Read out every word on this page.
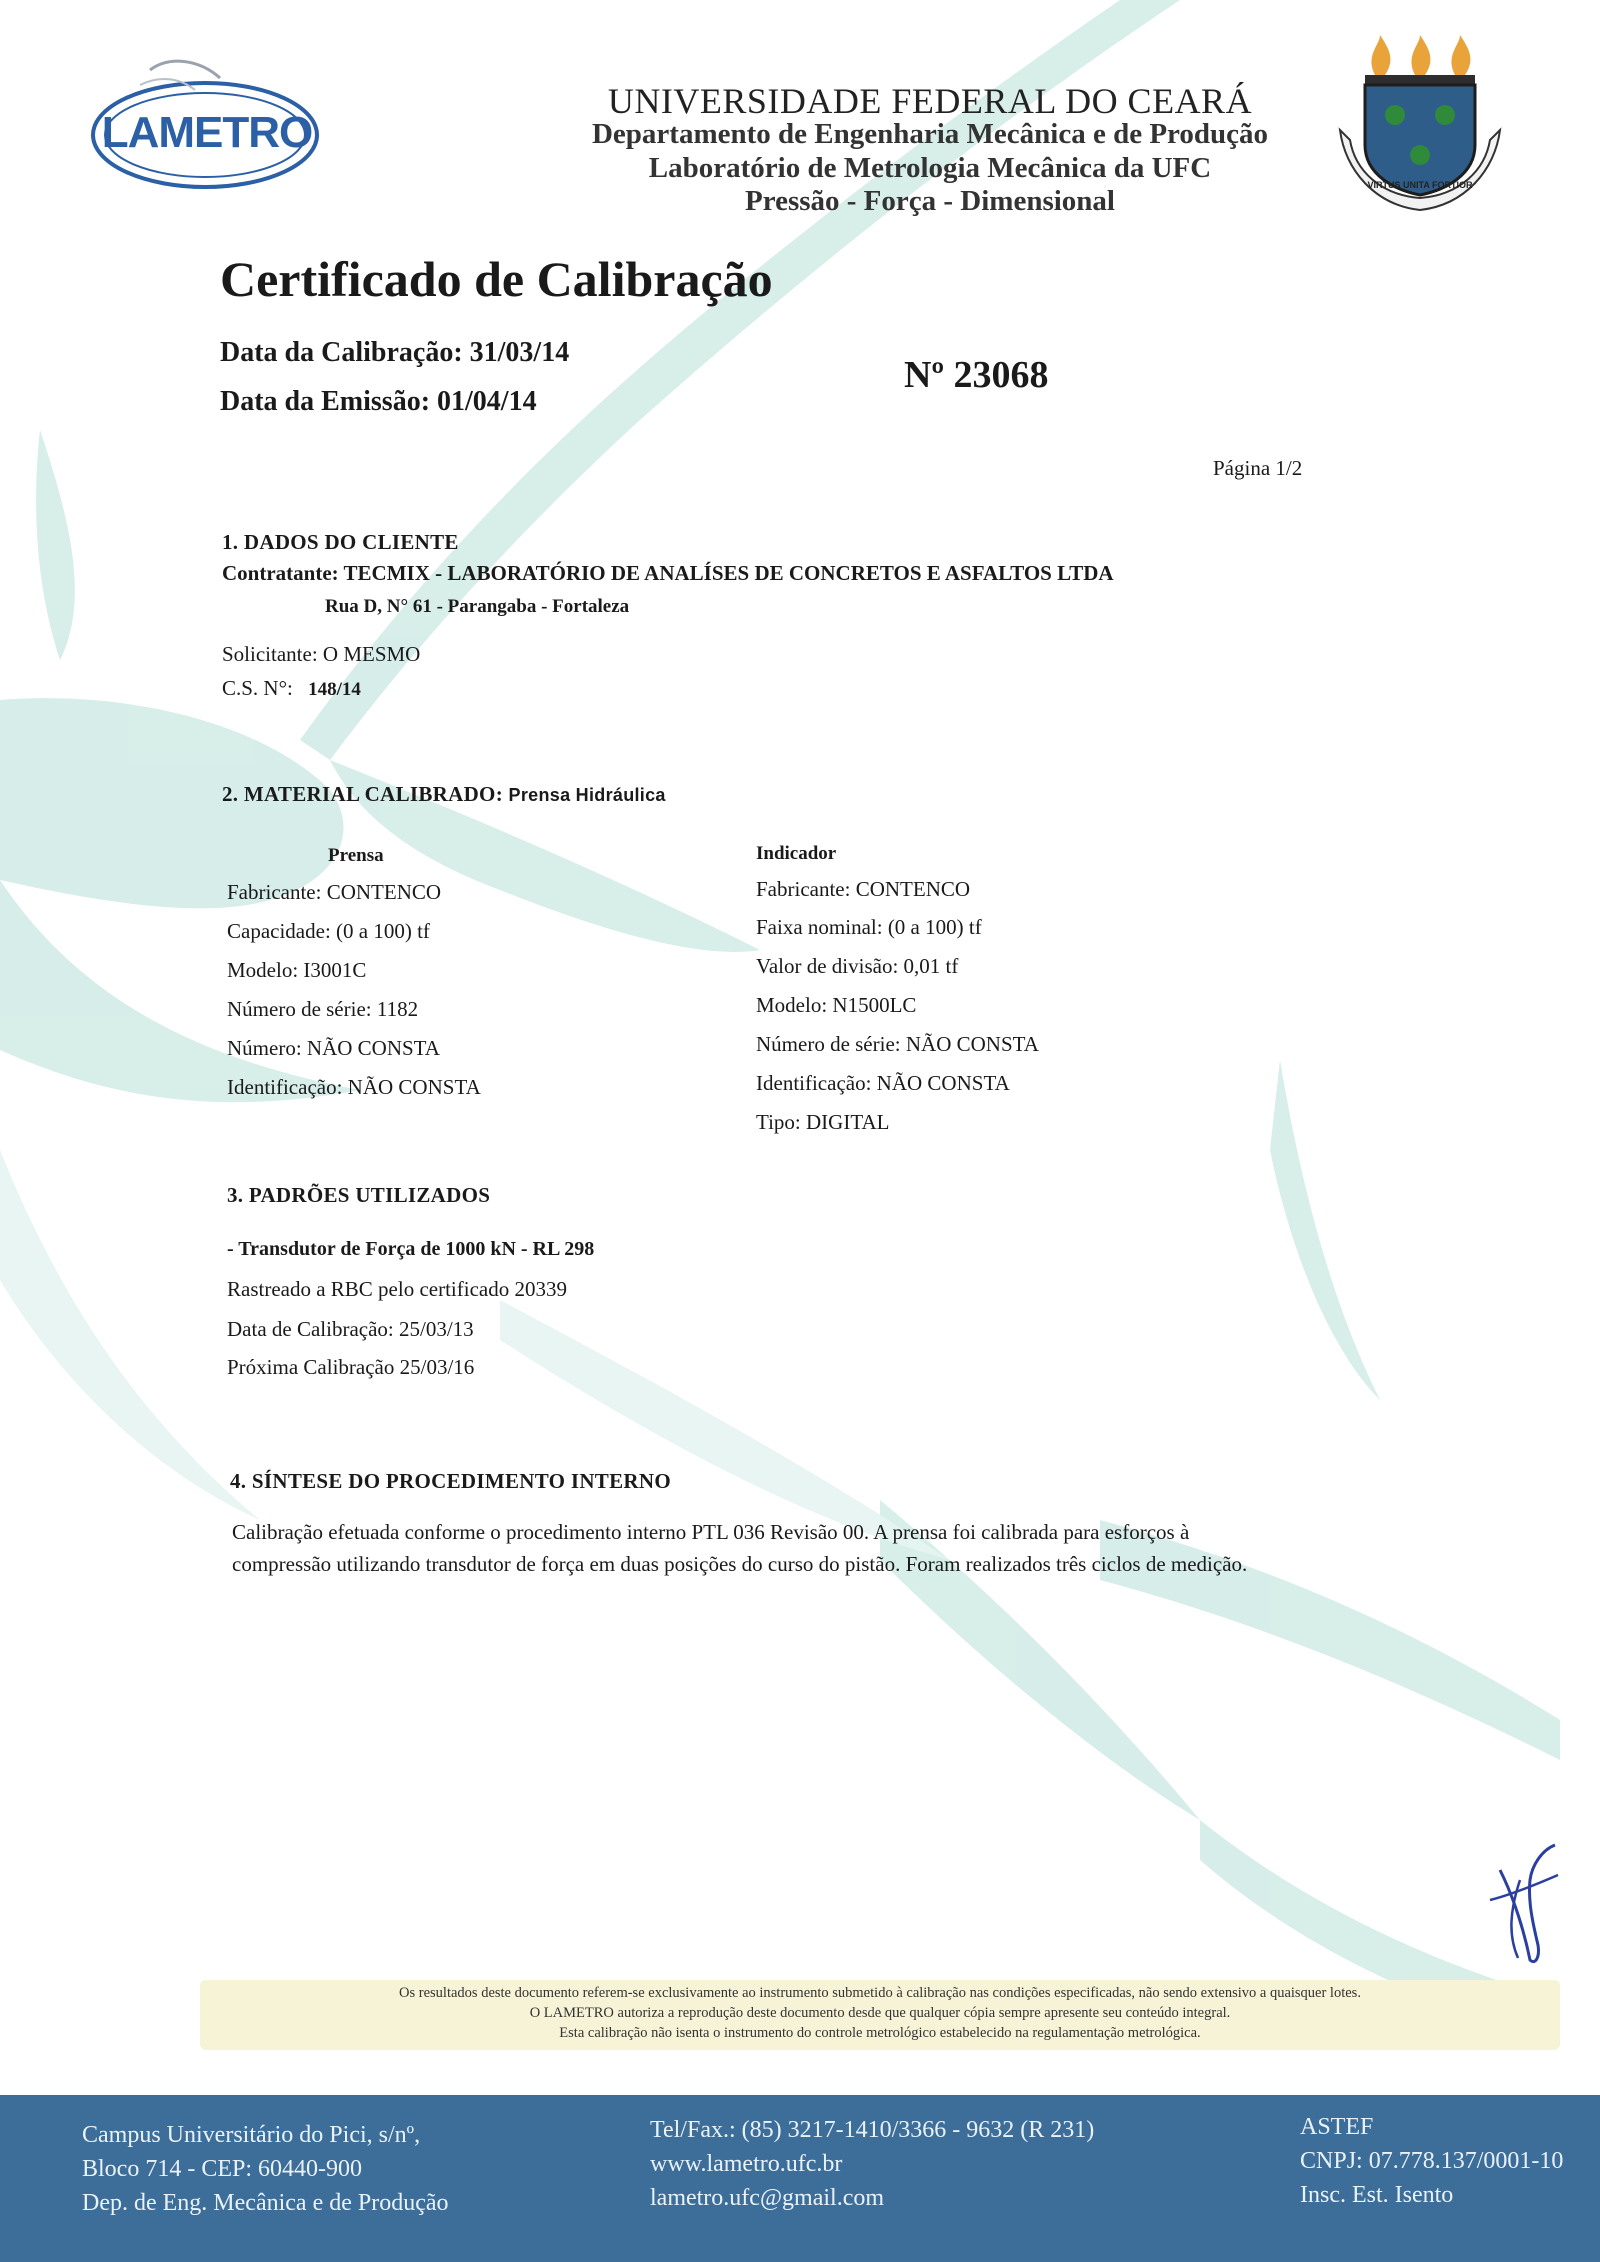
LAMETRO
VIRTUS UNITA FORTIOR
UNIVERSIDADE FEDERAL DO CEARÁ
Departamento de Engenharia Mecânica e de Produção
Laboratório de Metrologia Mecânica da UFC
Pressão - Força - Dimensional
Certificado de Calibração
Data da Calibração: 31/03/14
Data da Emissão: 01/04/14
Nº 23068
Página 1/2
1. DADOS DO CLIENTE
Contratante: TECMIX - LABORATÓRIO DE ANALÍSES DE CONCRETOS E ASFALTOS LTDA
Rua D, N° 61 - Parangaba - Fortaleza
Solicitante: O MESMO
C.S. N°: 148/14
2. MATERIAL CALIBRADO: Prensa Hidráulica
Prensa
Fabricante: CONTENCO
Capacidade: (0 a 100) tf
Modelo: I3001C
Número de série: 1182
Número: NÃO CONSTA
Identificação: NÃO CONSTA
Indicador
Fabricante: CONTENCO
Faixa nominal: (0 a 100) tf
Valor de divisão: 0,01 tf
Modelo: N1500LC
Número de série: NÃO CONSTA
Identificação: NÃO CONSTA
Tipo: DIGITAL
3. PADRÕES UTILIZADOS
- Transdutor de Força de 1000 kN - RL 298
Rastreado a RBC pelo certificado 20339
Data de Calibração: 25/03/13
Próxima Calibração 25/03/16
4. SÍNTESE DO PROCEDIMENTO INTERNO
Calibração efetuada conforme o procedimento interno PTL 036 Revisão 00. A prensa foi calibrada para esforços à
compressão utilizando transdutor de força em duas posições do curso do pistão. Foram realizados três ciclos de medição.
Os resultados deste documento referem-se exclusivamente ao instrumento submetido à calibração nas condições especificadas, não sendo extensivo a quaisquer lotes.
O LAMETRO autoriza a reprodução deste documento desde que qualquer cópia sempre apresente seu conteúdo integral.
Esta calibração não isenta o instrumento do controle metrológico estabelecido na regulamentação metrológica.
Campus Universitário do Pici, s/nº,
Bloco 714 - CEP: 60440-900
Dep. de Eng. Mecânica e de Produção
Tel/Fax.: (85) 3217-1410/3366 - 9632 (R 231)
www.lametro.ufc.br
lametro.ufc@gmail.com
ASTEF
CNPJ: 07.778.137/0001-10
Insc. Est. Isento
